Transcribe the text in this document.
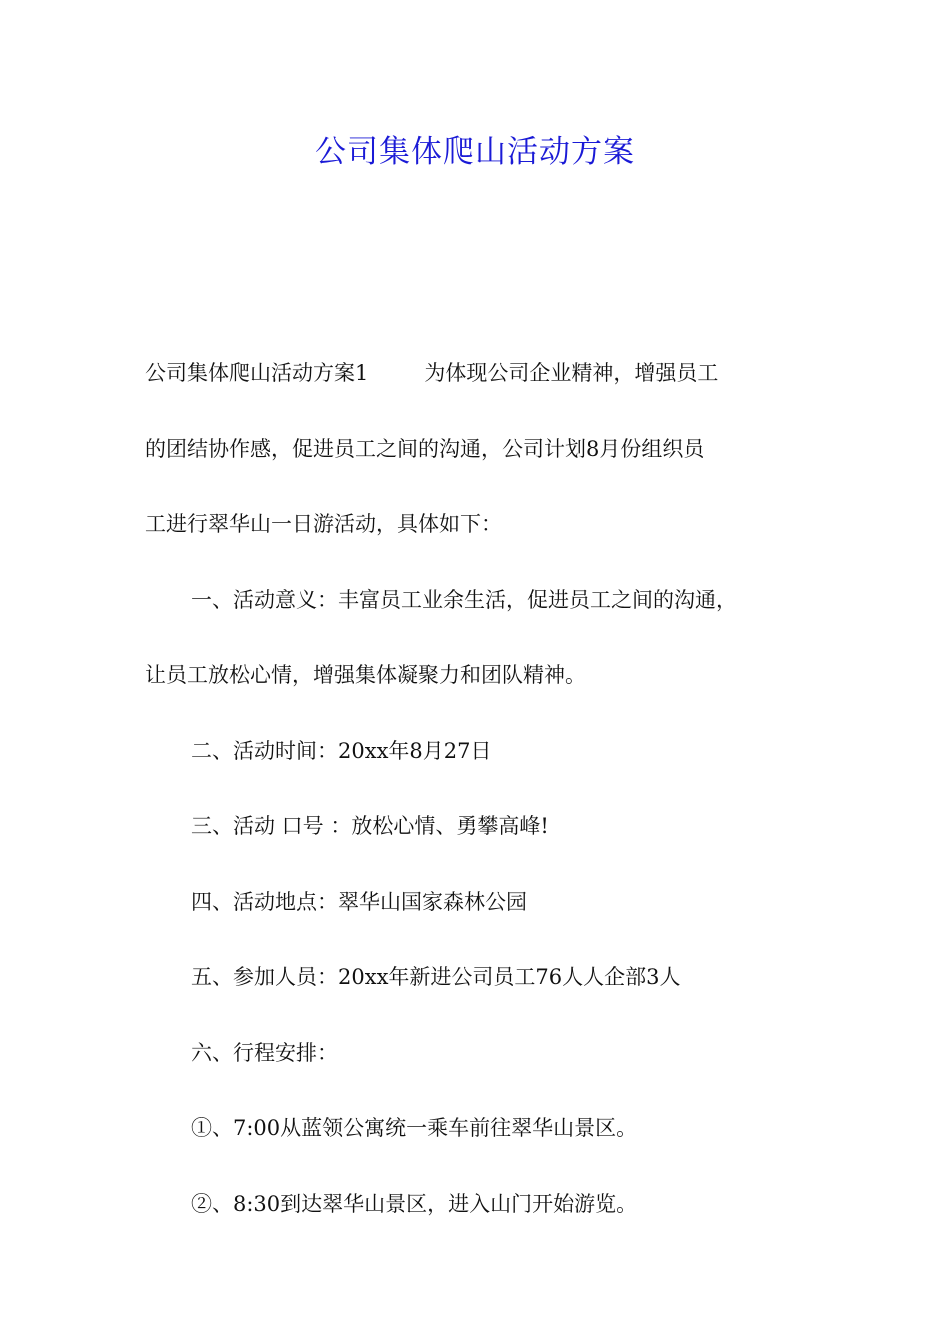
公司集体爬山活动方案

公司集体爬山活动方案1	为体现公司企业精神，增强员工

的团结协作感，促进员工之间的沟通，公司计划8月份组织员

工进行翠华山一日游活动，具体如下：

一、活动意义：丰富员工业余生活，促进员工之间的沟通，

让员工放松心情，增强集体凝聚力和团队精神。

二、活动时间：20xx年8月27日

三、活动 口号 ：放松心情、勇攀高峰!

四、活动地点：翠华山国家森林公园

五、参加人员：20xx年新进公司员工76人人企部3人

六、行程安排：

①、7:00从蓝领公寓统一乘车前往翠华山景区。

②、8:30到达翠华山景区，进入山门开始游览。
